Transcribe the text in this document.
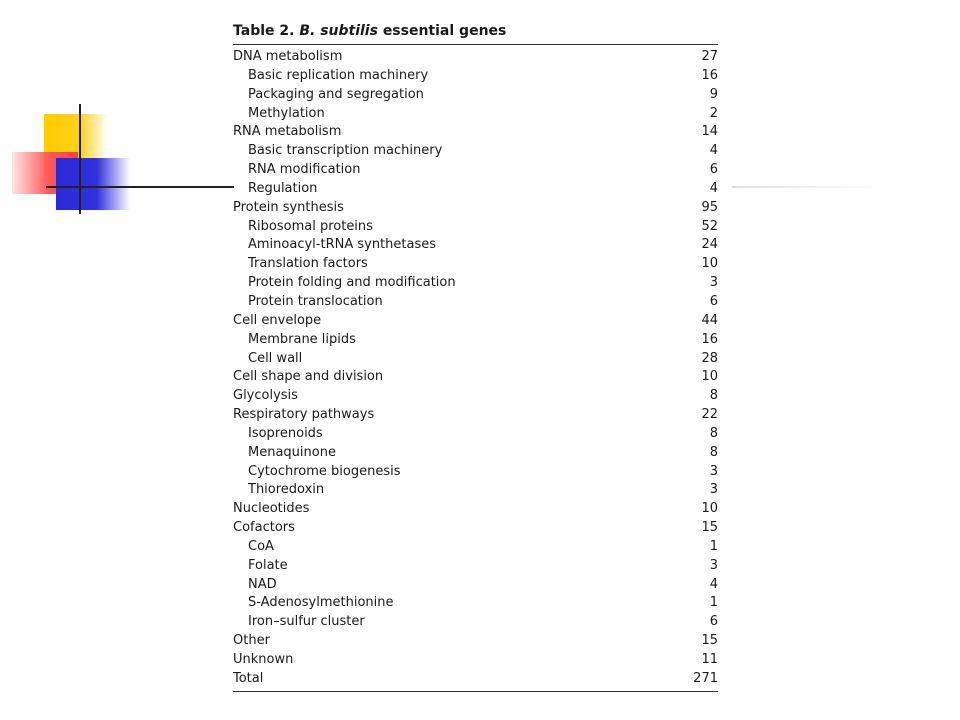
Table 2. B. subtilis essential genes
DNA metabolism	27
Basic replication machinery	16
Packaging and segregation	9
Methylation	2
RNA metabolism	14
Basic transcription machinery	4
RNA modification	6
Regulation	4
Protein synthesis	95
Ribosomal proteins	52
Aminoacyl-tRNA synthetases	24
Translation factors	10
Protein folding and modification	3
Protein translocation	6
Cell envelope	44
Membrane lipids	16
Cell wall	28
Cell shape and division	10
Glycolysis	8
Respiratory pathways	22
Isoprenoids	8
Menaquinone	8
Cytochrome biogenesis	3
Thioredoxin	3
Nucleotides	10
Cofactors	15
CoA	1
Folate	3
NAD	4
S-Adenosylmethionine	1
Iron–sulfur cluster	6
Other	15
Unknown	11
Total	271
